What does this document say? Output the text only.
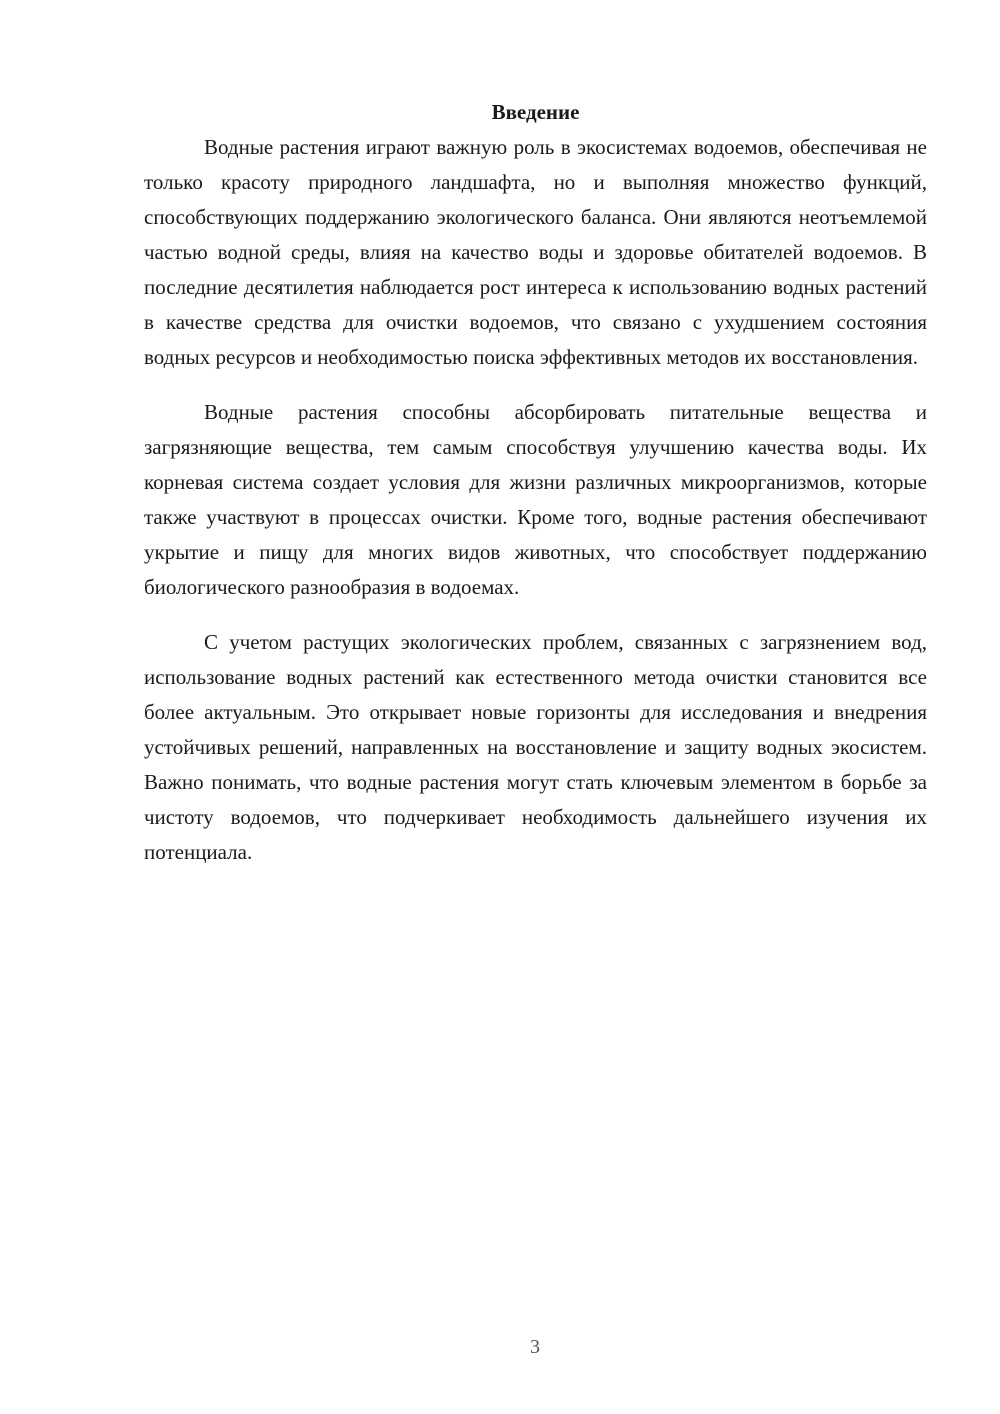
Введение

Водные растения играют важную роль в экосистемах водоемов, обеспечивая не только красоту природного ландшафта, но и выполняя множество функций, способствующих поддержанию экологического баланса. Они являются неотъемлемой частью водной среды, влияя на качество воды и здоровье обитателей водоемов. В последние десятилетия наблюдается рост интереса к использованию водных растений в качестве средства для очистки водоемов, что связано с ухудшением состояния водных ресурсов и необходимостью поиска эффективных методов их восстановления.

Водные растения способны абсорбировать питательные вещества и загрязняющие вещества, тем самым способствуя улучшению качества воды. Их корневая система создает условия для жизни различных микроорганизмов, которые также участвуют в процессах очистки. Кроме того, водные растения обеспечивают укрытие и пищу для многих видов животных, что способствует поддержанию биологического разнообразия в водоемах.

С учетом растущих экологических проблем, связанных с загрязнением вод, использование водных растений как естественного метода очистки становится все более актуальным. Это открывает новые горизонты для исследования и внедрения устойчивых решений, направленных на восстановление и защиту водных экосистем. Важно понимать, что водные растения могут стать ключевым элементом в борьбе за чистоту водоемов, что подчеркивает необходимость дальнейшего изучения их потенциала.

3
